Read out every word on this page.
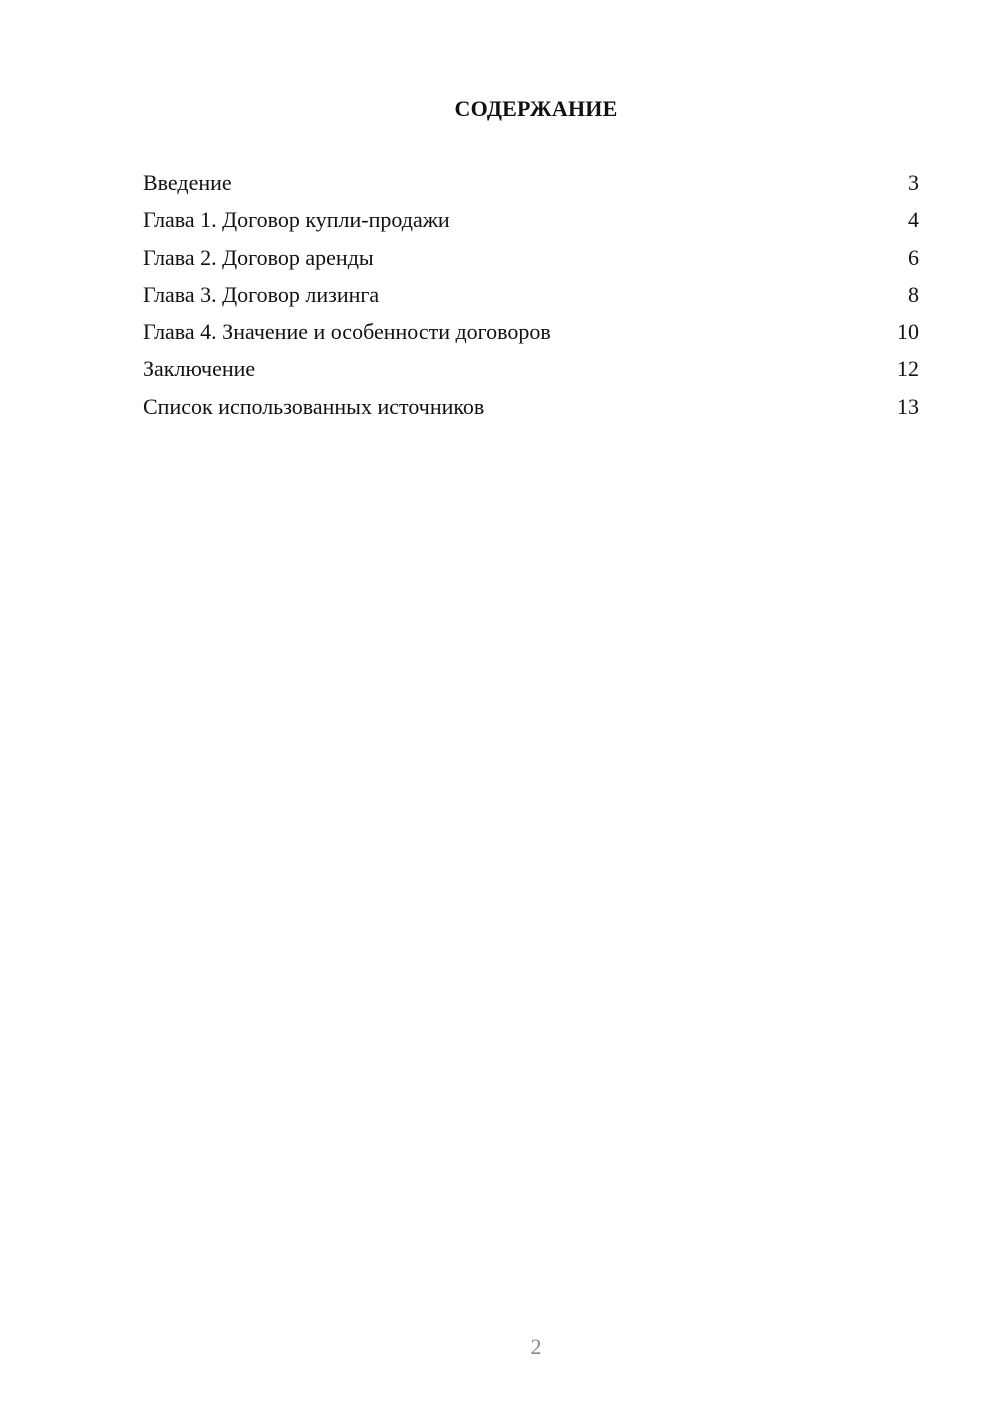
СОДЕРЖАНИЕ
Введение	3
Глава 1. Договор купли-продажи	4
Глава 2. Договор аренды	6
Глава 3. Договор лизинга	8
Глава 4. Значение и особенности договоров	10
Заключение	12
Список использованных источников	13
2
